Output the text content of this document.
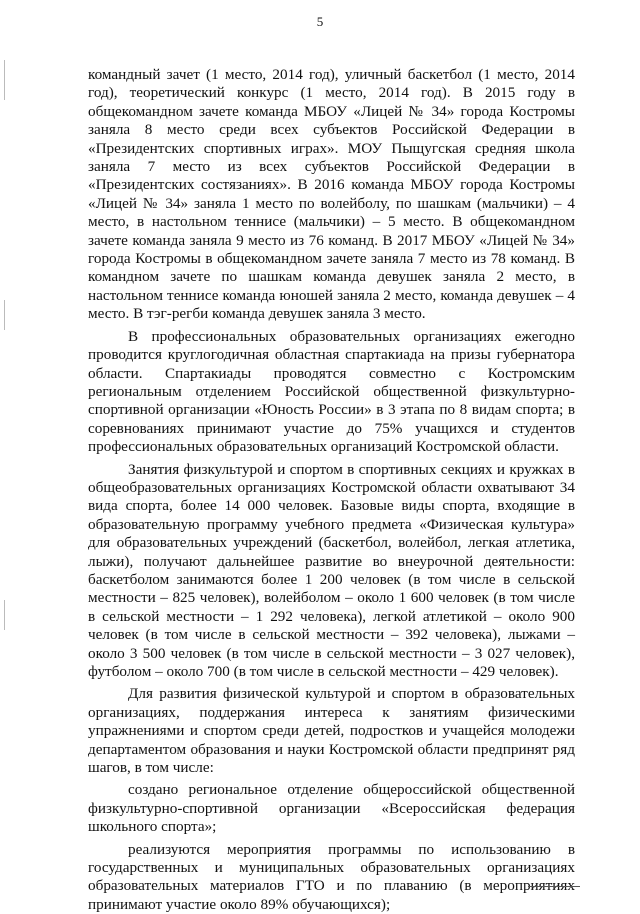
5

командный зачет (1 место, 2014 год), уличный баскетбол (1 место, 2014 год), теоретический конкурс (1 место, 2014 год). В 2015 году в общекомандном зачете команда МБОУ «Лицей № 34» города Костромы заняла 8 место среди всех субъектов Российской Федерации в «Президентских спортивных играх». МОУ Пыщугская средняя школа заняла 7 место из всех субъектов Российской Федерации в «Президентских состязаниях». В 2016 команда МБОУ города Костромы «Лицей № 34» заняла 1 место по волейболу, по шашкам (мальчики) – 4 место, в настольном теннисе (мальчики) – 5 место. В общекомандном зачете команда заняла 9 место из 76 команд. В 2017 МБОУ «Лицей № 34» города Костромы в общекомандном зачете заняла 7 место из 78 команд. В командном зачете по шашкам команда девушек заняла 2 место, в настольном теннисе команда юношей заняла 2 место, команда девушек – 4 место. В тэг-регби команда девушек заняла 3 место.

В профессиональных образовательных организациях ежегодно проводится круглогодичная областная спартакиада на призы губернатора области. Спартакиады проводятся совместно с Костромским региональным отделением Российской общественной физкультурно-спортивной организации «Юность России» в 3 этапа по 8 видам спорта; в соревнованиях принимают участие до 75% учащихся и студентов профессиональных образовательных организаций Костромской области.

Занятия физкультурой и спортом в спортивных секциях и кружках в общеобразовательных организациях Костромской области охватывают 34 вида спорта, более 14 000 человек. Базовые виды спорта, входящие в образовательную программу учебного предмета «Физическая культура» для образовательных учреждений (баскетбол, волейбол, легкая атлетика, лыжи), получают дальнейшее развитие во внеурочной деятельности: баскетболом занимаются более 1 200 человек (в том числе в сельской местности – 825 человек), волейболом – около 1 600 человек (в том числе в сельской местности – 1 292 человека), легкой атлетикой – около 900 человек (в том числе в сельской местности – 392 человека), лыжами – около 3 500 человек (в том числе в сельской местности – 3 027 человек), футболом – около 700 (в том числе в сельской местности – 429 человек).

Для развития физической культурой и спортом в образовательных организациях, поддержания интереса к занятиям физическими упражнениями и спортом среди детей, подростков и учащейся молодежи департаментом образования и науки Костромской области предпринят ряд шагов, в том числе:

создано региональное отделение общероссийской общественной физкультурно-спортивной организации «Всероссийская федерация школьного спорта»;

реализуются мероприятия программы по использованию в государственных и муниципальных образовательных организациях образовательных материалов ГТО и по плаванию (в мероприятиях принимают участие около 89% обучающихся);
